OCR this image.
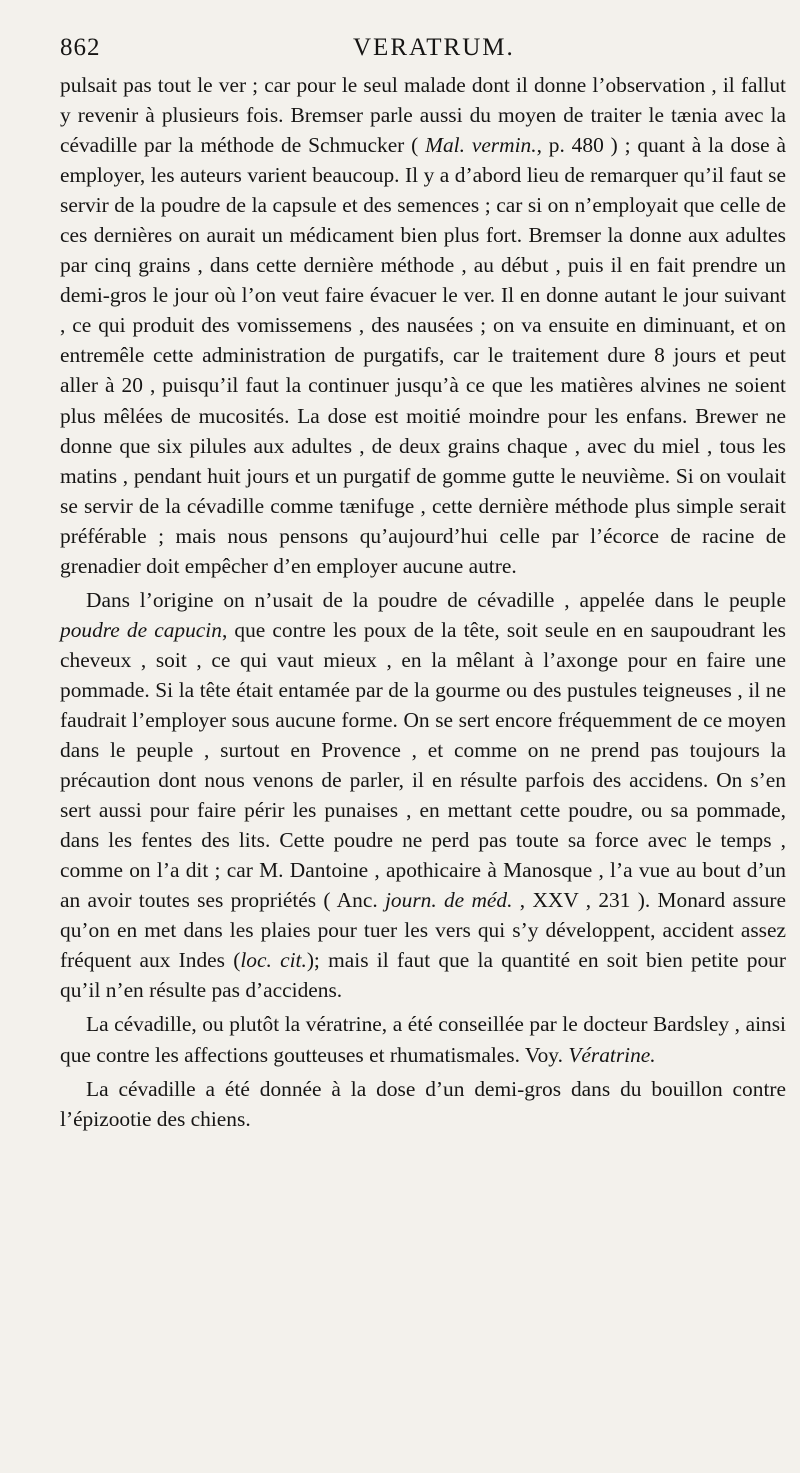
862	VERATRUM.

pulsait pas tout le ver ; car pour le seul malade dont il donne l’observation , il fallut y revenir à plusieurs fois. Bremser parle aussi du moyen de traiter le tænia avec la cévadille par la méthode de Schmucker ( Mal. vermin., p. 480 ) ; quant à la dose à employer, les auteurs varient beaucoup. Il y a d’abord lieu de remarquer qu’il faut se servir de la poudre de la capsule et des semences ; car si on n’employait que celle de ces dernières on aurait un médicament bien plus fort. Bremser la donne aux adultes par cinq grains , dans cette dernière méthode , au début , puis il en fait prendre un demi-gros le jour où l’on veut faire évacuer le ver. Il en donne autant le jour suivant , ce qui produit des vomissemens , des nausées ; on va ensuite en diminuant, et on entremêle cette administration de purgatifs, car le traitement dure 8 jours et peut aller à 20 , puisqu’il faut la continuer jusqu’à ce que les matières alvines ne soient plus mêlées de mucosités. La dose est moitié moindre pour les enfans. Brewer ne donne que six pilules aux adultes , de deux grains chaque , avec du miel , tous les matins , pendant huit jours et un purgatif de gomme gutte le neuvième. Si on voulait se servir de la cévadille comme tænifuge , cette dernière méthode plus simple serait préférable ; mais nous pensons qu’aujourd’hui celle par l’écorce de racine de grenadier doit empêcher d’en employer aucune autre.

Dans l’origine on n’usait de la poudre de cévadille , appelée dans le peuple poudre de capucin, que contre les poux de la tête, soit seule en en saupoudrant les cheveux , soit , ce qui vaut mieux , en la mêlant à l’axonge pour en faire une pommade. Si la tête était entamée par de la gourme ou des pustules teigneuses , il ne faudrait l’employer sous aucune forme. On se sert encore fréquemment de ce moyen dans le peuple , surtout en Provence , et comme on ne prend pas toujours la précaution dont nous venons de parler, il en résulte parfois des accidens. On s’en sert aussi pour faire périr les punaises , en mettant cette poudre, ou sa pommade, dans les fentes des lits. Cette poudre ne perd pas toute sa force avec le temps , comme on l’a dit ; car M. Dantoine , apothicaire à Manosque , l’a vue au bout d’un an avoir toutes ses propriétés ( Anc. journ. de méd. , XXV , 231 ). Monard assure qu’on en met dans les plaies pour tuer les vers qui s’y développent, accident assez fréquent aux Indes (loc. cit.); mais il faut que la quantité en soit bien petite pour qu’il n’en résulte pas d’accidens.

La cévadille, ou plutôt la vératrine, a été conseillée par le docteur Bardsley , ainsi que contre les affections goutteuses et rhumatismales. Voy. Vératrine.

La cévadille a été donnée à la dose d’un demi-gros dans du bouillon contre l’épizootie des chiens.
